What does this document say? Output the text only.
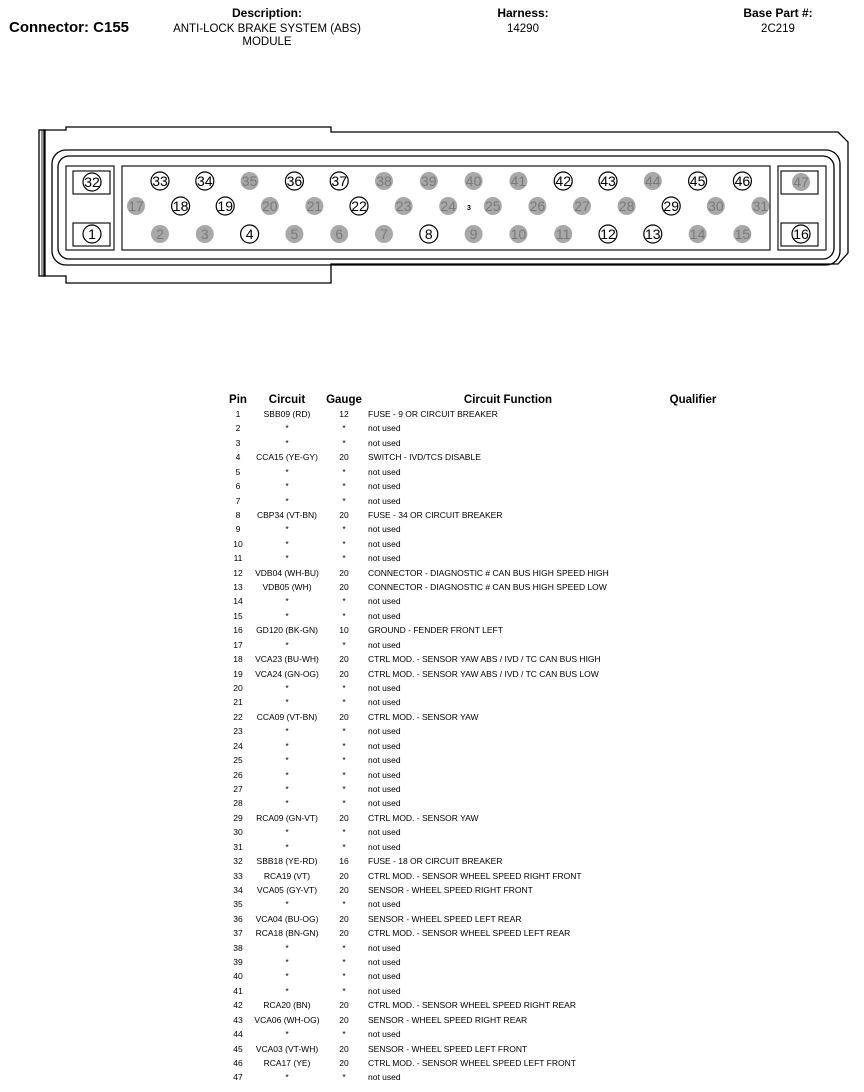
Connector: C155
Description:
ANTI-LOCK BRAKE SYSTEM (ABS)
MODULE
Harness:
14290
Base Part #:
2C219
3
33 34 35 36 37 38 39 40 41 42 43 44 45 46
17 18 19 20 21 22 23 24 25 26 27 28 29 30 31
2	3	4	5	6	7	8	9 10 11 12 13 14 15
32
1
47
16
Pin	Circuit	Gauge	Circuit Function	Qualifier
1	SBB09 (RD)	12	FUSE - 9 OR CIRCUIT BREAKER	
2	*	*	not used	
3	*	*	not used	
4	CCA15 (YE-GY)	20	SWITCH - IVD/TCS DISABLE	
5	*	*	not used	
6	*	*	not used	
7	*	*	not used	
8	CBP34 (VT-BN)	20	FUSE - 34 OR CIRCUIT BREAKER	
9	*	*	not used	
10	*	*	not used	
11	*	*	not used	
12	VDB04 (WH-BU)	20	CONNECTOR - DIAGNOSTIC # CAN BUS HIGH SPEED HIGH	
13	VDB05 (WH)	20	CONNECTOR - DIAGNOSTIC # CAN BUS HIGH SPEED LOW	
14	*	*	not used	
15	*	*	not used	
16	GD120 (BK-GN)	10	GROUND - FENDER FRONT LEFT	
17	*	*	not used	
18	VCA23 (BU-WH)	20	CTRL MOD. - SENSOR YAW ABS / IVD / TC CAN BUS HIGH	
19	VCA24 (GN-OG)	20	CTRL MOD. - SENSOR YAW ABS / IVD / TC CAN BUS LOW	
20	*	*	not used	
21	*	*	not used	
22	CCA09 (VT-BN)	20	CTRL MOD. - SENSOR YAW	
23	*	*	not used	
24	*	*	not used	
25	*	*	not used	
26	*	*	not used	
27	*	*	not used	
28	*	*	not used	
29	RCA09 (GN-VT)	20	CTRL MOD. - SENSOR YAW	
30	*	*	not used	
31	*	*	not used	
32	SBB18 (YE-RD)	16	FUSE - 18 OR CIRCUIT BREAKER	
33	RCA19 (VT)	20	CTRL MOD. - SENSOR WHEEL SPEED RIGHT FRONT	
34	VCA05 (GY-VT)	20	SENSOR - WHEEL SPEED RIGHT FRONT	
35	*	*	not used	
36	VCA04 (BU-OG)	20	SENSOR - WHEEL SPEED LEFT REAR	
37	RCA18 (BN-GN)	20	CTRL MOD. - SENSOR WHEEL SPEED LEFT REAR	
38	*	*	not used	
39	*	*	not used	
40	*	*	not used	
41	*	*	not used	
42	RCA20 (BN)	20	CTRL MOD. - SENSOR WHEEL SPEED RIGHT REAR	
43	VCA06 (WH-OG)	20	SENSOR - WHEEL SPEED RIGHT REAR	
44	*	*	not used	
45	VCA03 (VT-WH)	20	SENSOR - WHEEL SPEED LEFT FRONT	
46	RCA17 (YE)	20	CTRL MOD. - SENSOR WHEEL SPEED LEFT FRONT	
47	*	*	not used	
